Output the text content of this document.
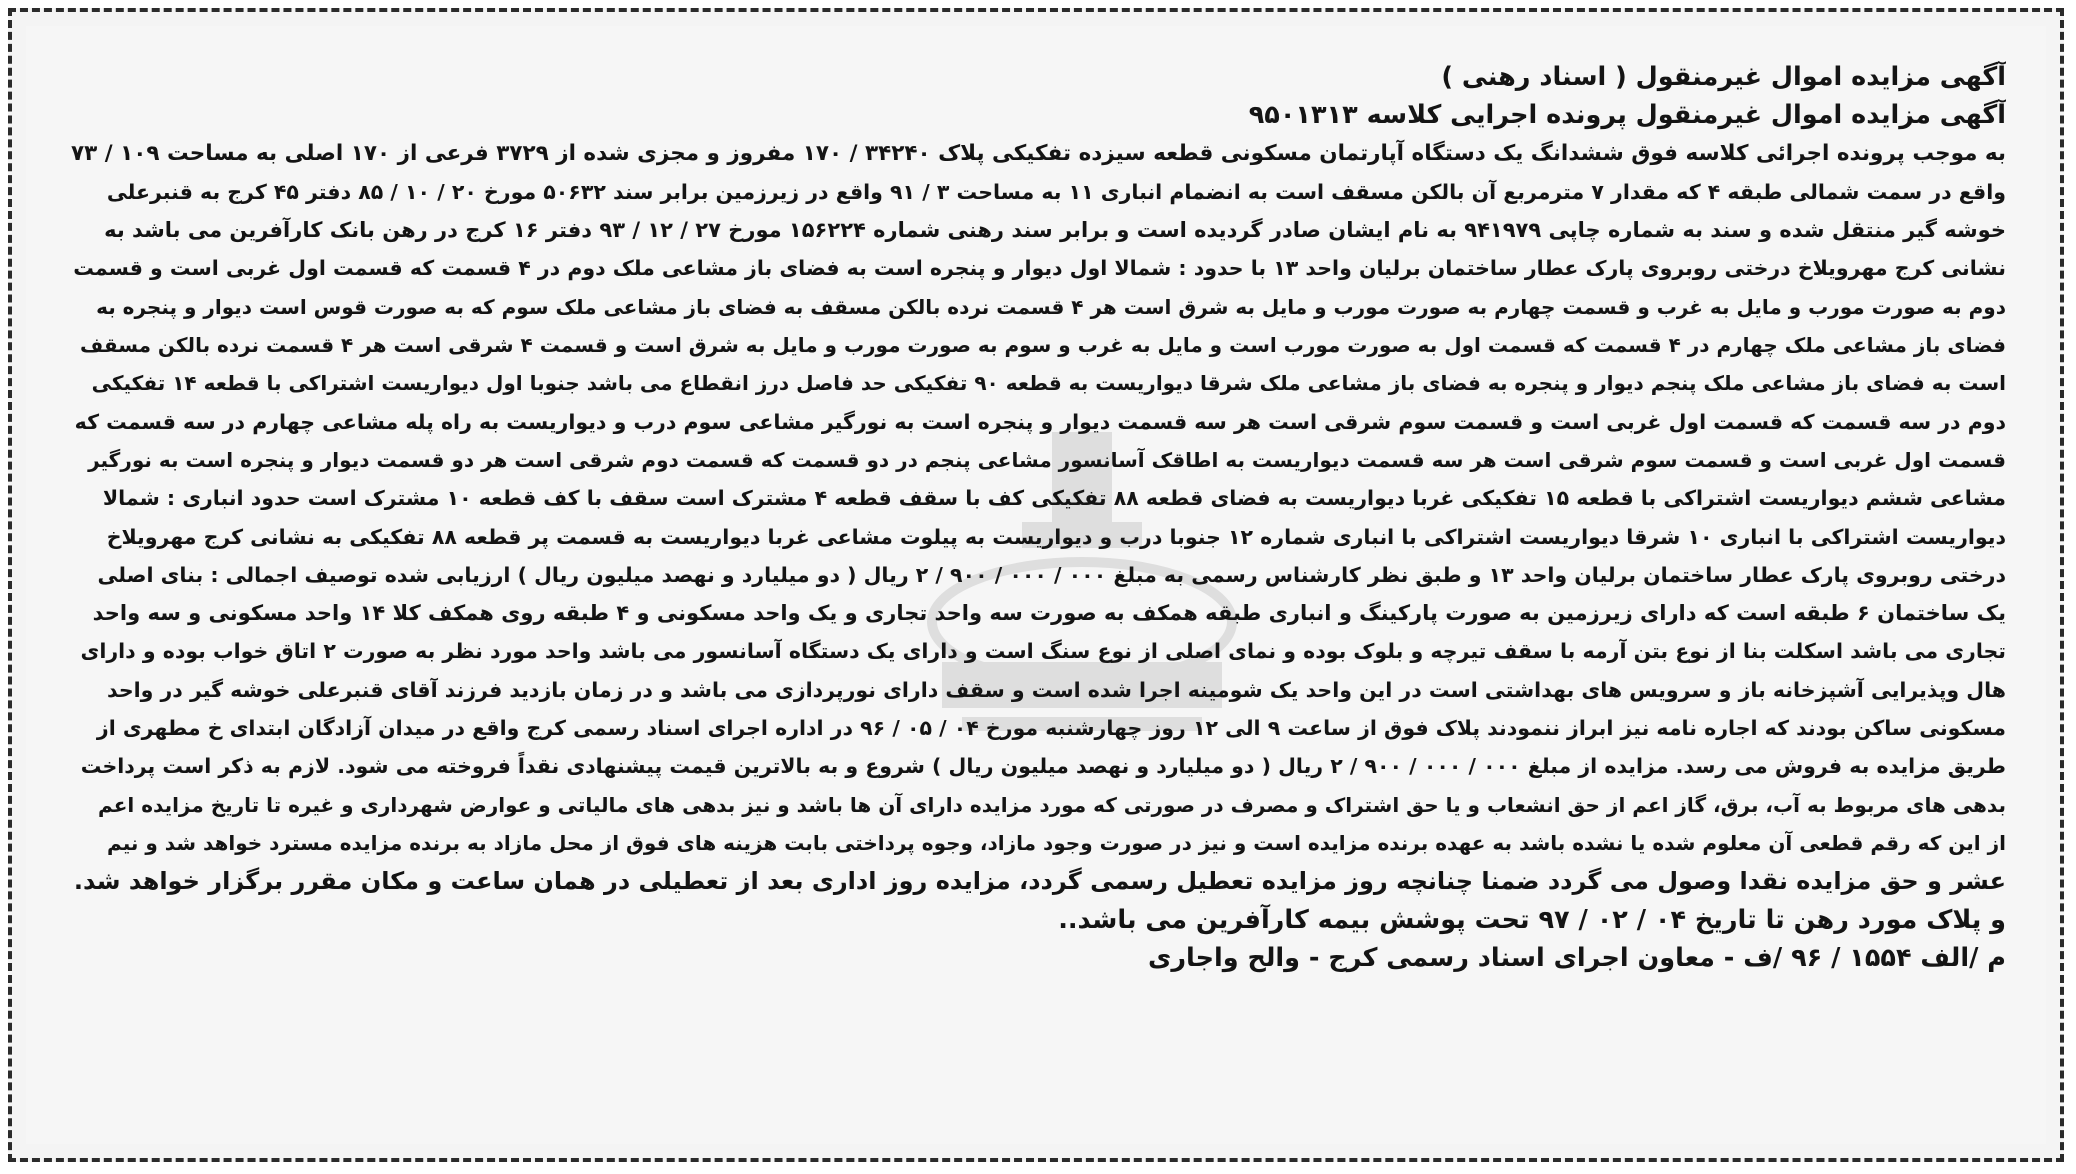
آگهی مزایده اموال غیرمنقول ( اسناد رهنی )
آگهی مزایده اموال غیرمنقول پرونده اجرایی کلاسه ۹۵۰۱۳۱۳
به موجب پرونده اجرائی کلاسه فوق ششدانگ یک دستگاه آپارتمان مسکونی قطعه سیزده تفکیکی پلاک ۳۴۲۴۰ / ۱۷۰ مفروز و مجزی شده از ۳۷۲۹ فرعی از ۱۷۰ اصلی به مساحت ۱۰۹ / ۷۳
واقع در سمت شمالی طبقه ۴ که مقدار ۷ مترمربع آن بالکن مسقف است به انضمام انباری ۱۱ به مساحت ۳ / ۹۱ واقع در زیرزمین برابر سند ۵۰۶۳۲ مورخ ۲۰ / ۱۰ / ۸۵ دفتر ۴۵ کرج به قنبرعلی
خوشه گیر منتقل شده و سند به شماره چاپی ۹۴۱۹۷۹ به نام ایشان صادر گردیده است و برابر سند رهنی شماره ۱۵۶۲۲۴ مورخ ۲۷ / ۱۲ / ۹۳ دفتر ۱۶ کرج در رهن بانک کارآفرین می باشد به
نشانی کرج مهرویلاخ درختی روبروی پارک عطار ساختمان برلیان واحد ۱۳ با حدود : شمالا اول دیوار و پنجره است به فضای باز مشاعی ملک دوم در ۴ قسمت که قسمت اول غربی است و قسمت
دوم به صورت مورب و مایل به غرب و قسمت چهارم به صورت مورب و مایل به شرق است هر ۴ قسمت نرده بالکن مسقف به فضای باز مشاعی ملک سوم که به صورت قوس است دیوار و پنجره به
فضای باز مشاعی ملک چهارم در ۴ قسمت که قسمت اول به صورت مورب است و مایل به غرب و سوم به صورت مورب و مایل به شرق است و قسمت ۴ شرقی است هر ۴ قسمت نرده بالکن مسقف
است به فضای باز مشاعی ملک پنجم دیوار و پنجره به فضای باز مشاعی ملک شرقا دیواریست به قطعه ۹۰ تفکیکی حد فاصل درز انقطاع می باشد جنوبا اول دیواریست اشتراکی با قطعه ۱۴ تفکیکی
دوم در سه قسمت که قسمت اول غربی است و قسمت سوم شرقی است هر سه قسمت دیوار و پنجره است به نورگیر مشاعی سوم درب و دیواریست به راه پله مشاعی چهارم در سه قسمت که
قسمت اول غربی است و قسمت سوم شرقی است هر سه قسمت دیواریست به اطاقک آسانسور مشاعی پنجم در دو قسمت که قسمت دوم شرقی است هر دو قسمت دیوار و پنجره است به نورگیر
مشاعی ششم دیواریست اشتراکی با قطعه ۱۵ تفکیکی غربا دیواریست به فضای قطعه ۸۸ تفکیکی کف با سقف قطعه ۴ مشترک است سقف با کف قطعه ۱۰ مشترک است حدود انباری : شمالا
دیواریست اشتراکی با انباری ۱۰ شرقا دیواریست اشتراکی با انباری شماره ۱۲ جنوبا درب و دیواریست به پیلوت مشاعی غربا دیواریست به قسمت پر قطعه ۸۸ تفکیکی به نشانی کرج مهرویلاخ
درختی روبروی پارک عطار ساختمان برلیان واحد ۱۳ و طبق نظر کارشناس رسمی به مبلغ ۰۰۰ / ۰۰۰ / ۹۰۰ / ۲ ریال ( دو میلیارد و نهصد میلیون ریال ) ارزیابی شده توصیف اجمالی : بنای اصلی
یک ساختمان ۶ طبقه است که دارای زیرزمین به صورت پارکینگ و انباری طبقه همکف به صورت سه واحد تجاری و یک واحد مسکونی و ۴ طبقه روی همکف کلا ۱۴ واحد مسکونی و سه واحد
تجاری می باشد اسکلت بنا از نوع بتن آرمه با سقف تیرچه و بلوک بوده و نمای اصلی از نوع سنگ است و دارای یک دستگاه آسانسور می باشد واحد مورد نظر به صورت ۲ اتاق خواب بوده و دارای
هال وپذیرایی آشپزخانه باز و سرویس های بهداشتی است در این واحد یک شومینه اجرا شده است و سقف دارای نورپردازی می باشد و در زمان بازدید فرزند آقای قنبرعلی خوشه گیر در واحد
مسکونی ساکن بودند که اجاره نامه نیز ابراز ننمودند پلاک فوق از ساعت ۹ الی ۱۲ روز چهارشنبه مورخ ۰۴ / ۰۵ / ۹۶ در اداره اجرای اسناد رسمی کرج واقع در میدان آزادگان ابتدای خ مطهری از
طریق مزایده به فروش می رسد. مزایده از مبلغ ۰۰۰ / ۰۰۰ / ۹۰۰ / ۲ ریال ( دو میلیارد و نهصد میلیون ریال ) شروع و به بالاترین قیمت پیشنهادی نقداً فروخته می شود. لازم به ذکر است پرداخت
بدهی های مربوط به آب، برق، گاز اعم از حق انشعاب و یا حق اشتراک و مصرف در صورتی که مورد مزایده دارای آن ها باشد و نیز بدهی های مالیاتی و عوارض شهرداری و غیره تا تاریخ مزایده اعم
از این که رقم قطعی آن معلوم شده یا نشده باشد به عهده برنده مزایده است و نیز در صورت وجود مازاد، وجوه پرداختی بابت هزینه های فوق از محل مازاد به برنده مزایده مسترد خواهد شد و نیم
عشر و حق مزایده نقدا وصول می گردد ضمنا چنانچه روز مزایده تعطیل رسمی گردد، مزایده روز اداری بعد از تعطیلی در همان ساعت و مکان مقرر برگزار خواهد شد.
و پلاک مورد رهن تا تاریخ ۰۴ / ۰۲ / ۹۷ تحت پوشش بیمه کارآفرین می باشد..
م /الف ۱۵۵۴ / ۹۶ /ف - معاون اجرای اسناد رسمی کرج - والح واجاری
